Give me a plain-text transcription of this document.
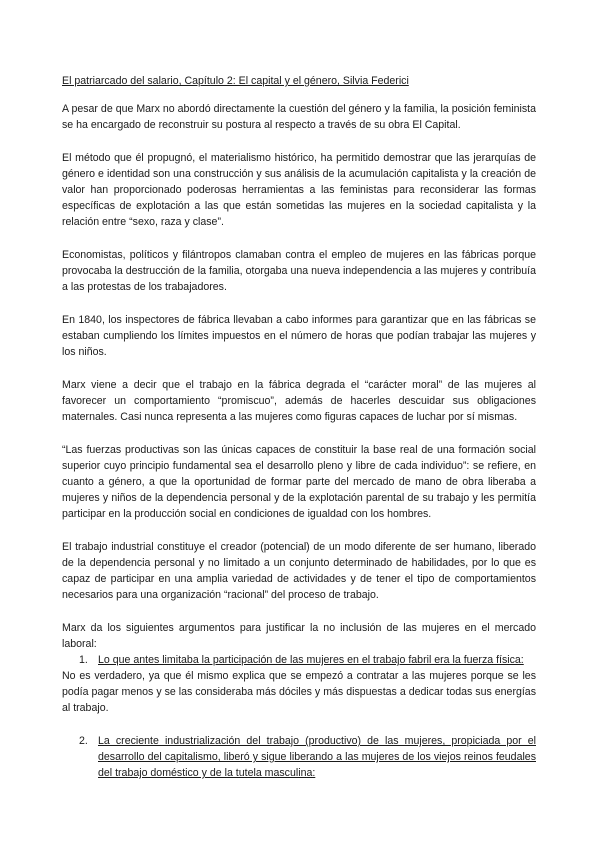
El patriarcado del salario, Capítulo 2: El capital y el género, Silvia Federici

A pesar de que Marx no abordó directamente la cuestión del género y la familia, la posición feminista se ha encargado de reconstruir su postura al respecto a través de su obra El Capital.

El método que él propugnó, el materialismo histórico, ha permitido demostrar que las jerarquías de género e identidad son una construcción y sus análisis de la acumulación capitalista y la creación de valor han proporcionado poderosas herramientas a las feministas para reconsiderar las formas específicas de explotación a las que están sometidas las mujeres en la sociedad capitalista y la relación entre “sexo, raza y clase”.

Economistas, políticos y filántropos clamaban contra el empleo de mujeres en las fábricas porque provocaba la destrucción de la familia, otorgaba una nueva independencia a las mujeres y contribuía a las protestas de los trabajadores.

En 1840, los inspectores de fábrica llevaban a cabo informes para garantizar que en las fábricas se estaban cumpliendo los límites impuestos en el número de horas que podían trabajar las mujeres y los niños.

Marx viene a decir que el trabajo en la fábrica degrada el “carácter moral” de las mujeres al favorecer un comportamiento “promiscuo”, además de hacerles descuidar sus obligaciones maternales. Casi nunca representa a las mujeres como figuras capaces de luchar por sí mismas.

“Las fuerzas productivas son las únicas capaces de constituir la base real de una formación social superior cuyo principio fundamental sea el desarrollo pleno y libre de cada individuo”: se refiere, en cuanto a género, a que la oportunidad de formar parte del mercado de mano de obra liberaba a mujeres y niños de la dependencia personal y de la explotación parental de su trabajo y les permitía participar en la producción social en condiciones de igualdad con los hombres.

El trabajo industrial constituye el creador (potencial) de un modo diferente de ser humano, liberado de la dependencia personal y no limitado a un conjunto determinado de habilidades, por lo que es capaz de participar en una amplia variedad de actividades y de tener el tipo de comportamientos necesarios para una organización “racional” del proceso de trabajo.

Marx da los siguientes argumentos para justificar la no inclusión de las mujeres en el mercado laboral:

1. Lo que antes limitaba la participación de las mujeres en el trabajo fabril era la fuerza física:

No es verdadero, ya que él mismo explica que se empezó a contratar a las mujeres porque se les podía pagar menos y se las consideraba más dóciles y más dispuestas a dedicar todas sus energías al trabajo.

2. La creciente industrialización del trabajo (productivo) de las mujeres, propiciada por el desarrollo del capitalismo, liberó y sigue liberando a las mujeres de los viejos reinos feudales del trabajo doméstico y de la tutela masculina:
